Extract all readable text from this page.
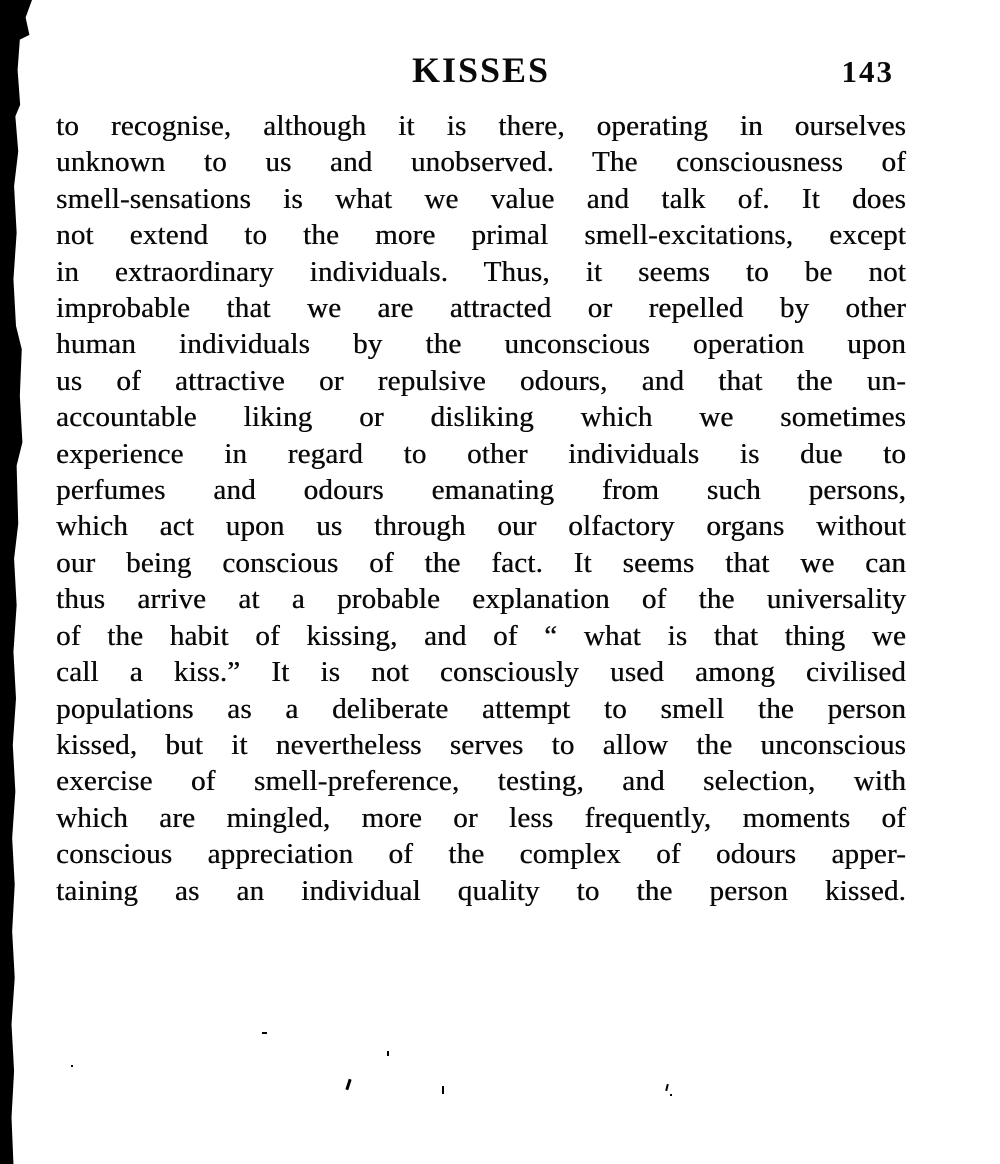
KISSES	143
to recognise, although it is there, operating in ourselves
unknown to us and unobserved. The consciousness of
smell-sensations is what we value and talk of. It does
not extend to the more primal smell-excitations, except
in extraordinary individuals. Thus, it seems to be not
improbable that we are attracted or repelled by other
human individuals by the unconscious operation upon
us of attractive or repulsive odours, and that the un-
accountable liking or disliking which we sometimes
experience in regard to other individuals is due to
perfumes and odours emanating from such persons,
which act upon us through our olfactory organs without
our being conscious of the fact. It seems that we can
thus arrive at a probable explanation of the universality
of the habit of kissing, and of “ what is that thing we
call a kiss.” It is not consciously used among civilised
populations as a deliberate attempt to smell the person
kissed, but it nevertheless serves to allow the unconscious
exercise of smell-preference, testing, and selection, with
which are mingled, more or less frequently, moments of
conscious appreciation of the complex of odours apper-
taining as an individual quality to the person kissed.
